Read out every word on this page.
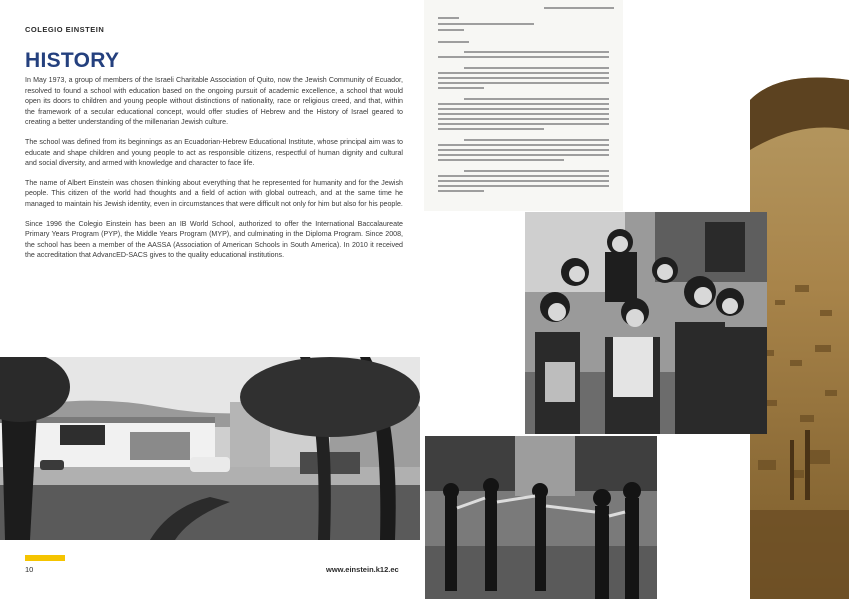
COLEGIO EINSTEIN
HISTORY

In May 1973, a group of members of the Israeli Charitable Association of Quito, now the Jewish Community of Ecuador, resolved to found a school with education based on the ongoing pursuit of academic excellence, a school that would open its doors to children and young people without distinctions of nationality, race or religious creed, and that, within the framework of a secular educational concept, would offer studies of Hebrew and the History of Israel geared to creating a better understanding of the millenarian Jewish culture.

The school was defined from its beginnings as an Ecuadorian-Hebrew Educational Institute, whose principal aim was to educate and shape children and young people to act as responsible citizens, respectful of human dignity and cultural and social diversity, and armed with knowledge and character to face life.

The name of Albert Einstein was chosen thinking about everything that he represented for humanity and for the Jewish people. This citizen of the world had thoughts and a field of action with global outreach, and at the same time he managed to maintain his Jewish identity, even in circumstances that were difficult not only for him but also for his people.

Since 1996 the Colegio Einstein has been an IB World School, authorized to offer the International Baccalaureate Primary Years Program (PYP), the Middle Years Program (MYP), and culminating in the Diploma Program. Since 2008, the school has been a member of the AASSA (Association of American Schools in South America). In 2010 it received the accreditation that AdvancED-SACS gives to the quality educational institutions.

10	www.einstein.k12.ec
